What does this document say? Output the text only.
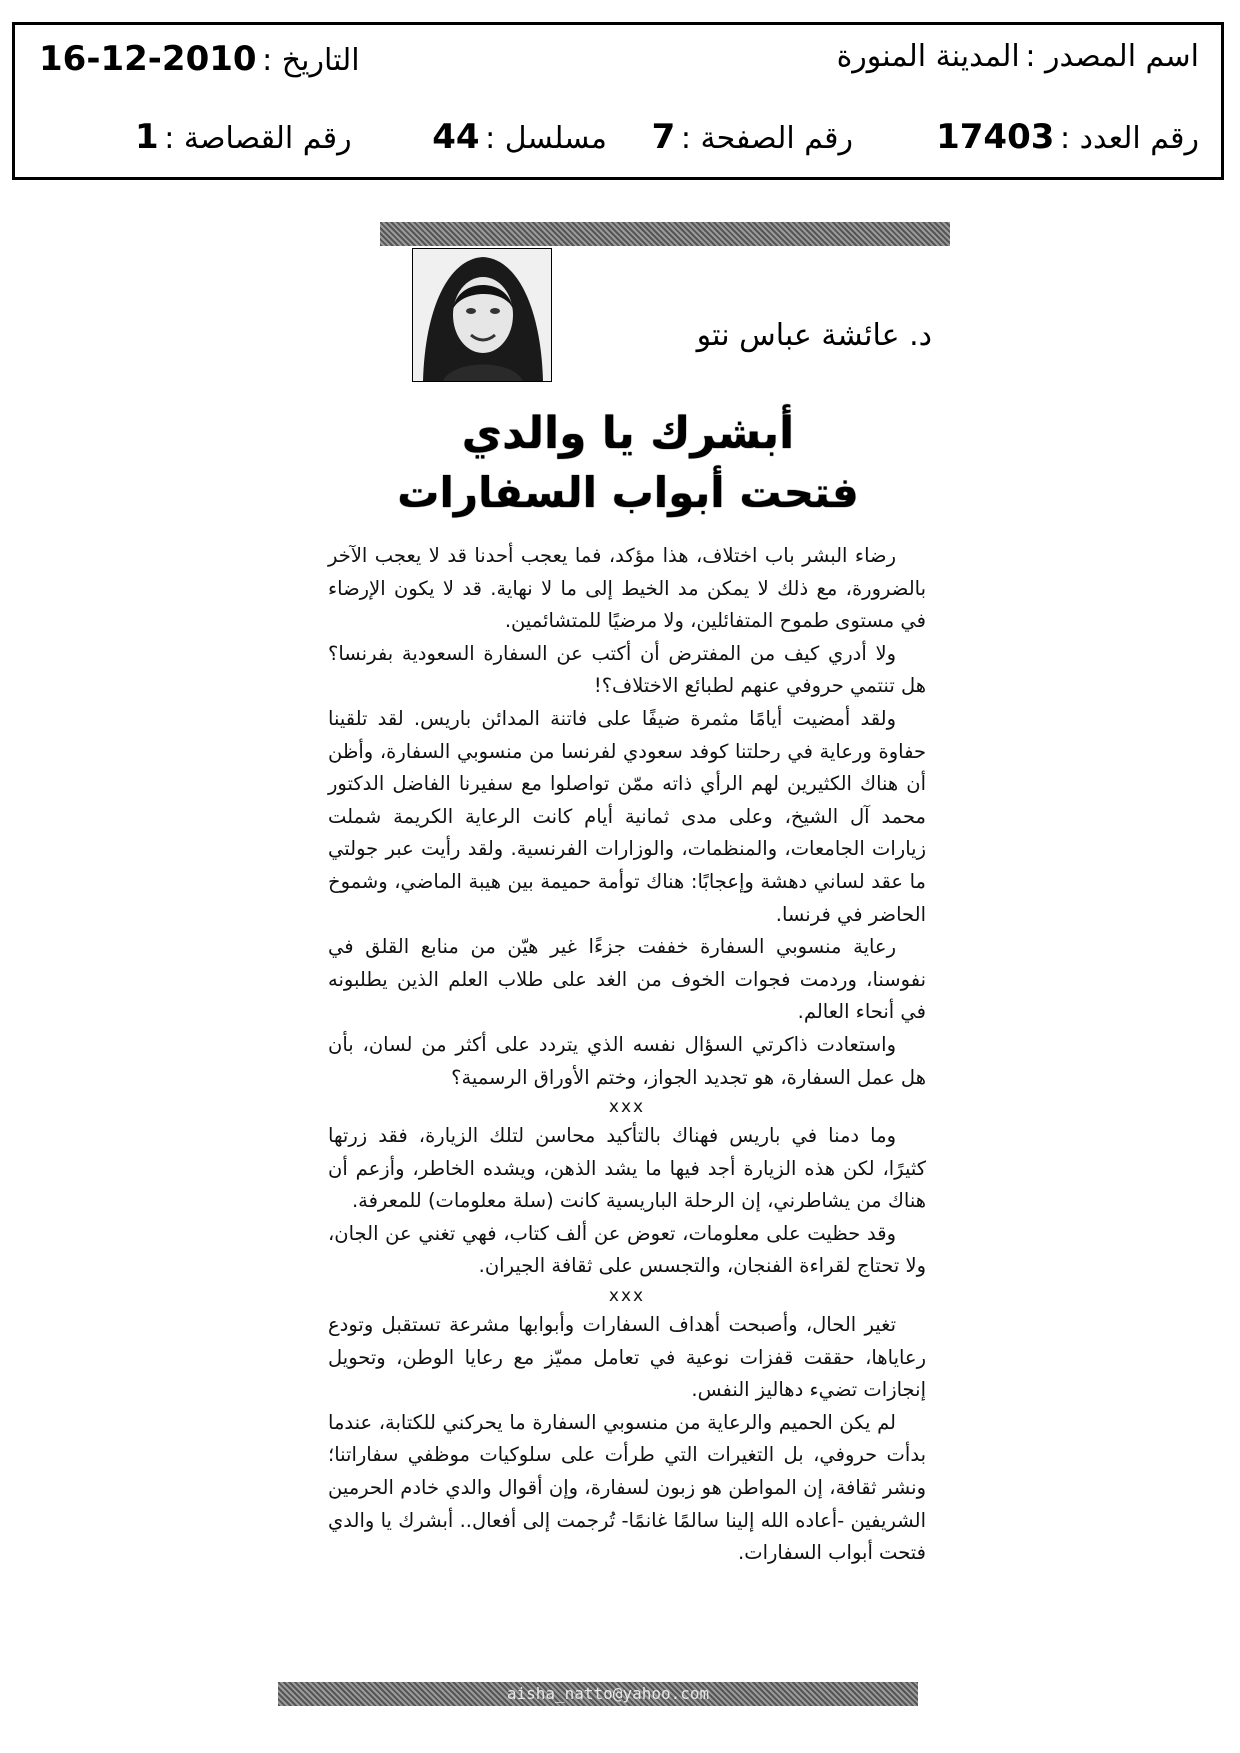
اسم المصدر : المدينة المنورة
التاريخ : 2010-12-16
رقم العدد : 17403
رقم الصفحة : 7
مسلسل : 44
رقم القصاصة : 1
د. عائشة عباس نتو
أبشرك يا والدي
فتحت أبواب السفارات

رضاء البشر باب اختلاف، هذا مؤكد، فما يعجب أحدنا قد لا يعجب الآخر بالضرورة، مع ذلك لا يمكن مد الخيط إلى ما لا نهاية. قد لا يكون الإرضاء في مستوى طموح المتفائلين، ولا مرضيًا للمتشائمين.

ولا أدري كيف من المفترض أن أكتب عن السفارة السعودية بفرنسا؟ هل تنتمي حروفي عنهم لطبائع الاختلاف؟!

ولقد أمضيت أيامًا مثمرة ضيفًا على فاتنة المدائن باريس. لقد تلقينا حفاوة ورعاية في رحلتنا كوفد سعودي لفرنسا من منسوبي السفارة، وأظن أن هناك الكثيرين لهم الرأي ذاته ممّن تواصلوا مع سفيرنا الفاضل الدكتور محمد آل الشيخ، وعلى مدى ثمانية أيام كانت الرعاية الكريمة شملت زيارات الجامعات، والمنظمات، والوزارات الفرنسية. ولقد رأيت عبر جولتي ما عقد لساني دهشة وإعجابًا: هناك توأمة حميمة بين هيبة الماضي، وشموخ الحاضر في فرنسا.

رعاية منسوبي السفارة خففت جزءًا غير هيّن من منابع القلق في نفوسنا، وردمت فجوات الخوف من الغد على طلاب العلم الذين يطلبونه في أنحاء العالم.

واستعادت ذاكرتي السؤال نفسه الذي يتردد على أكثر من لسان، بأن هل عمل السفارة، هو تجديد الجواز، وختم الأوراق الرسمية؟

xxx

وما دمنا في باريس فهناك بالتأكيد محاسن لتلك الزيارة، فقد زرتها كثيرًا، لكن هذه الزيارة أجد فيها ما يشد الذهن، ويشده الخاطر، وأزعم أن هناك من يشاطرني، إن الرحلة الباريسية كانت (سلة معلومات) للمعرفة.

وقد حظيت على معلومات، تعوض عن ألف كتاب، فهي تغني عن الجان، ولا تحتاج لقراءة الفنجان، والتجسس على ثقافة الجيران.

xxx

تغير الحال، وأصبحت أهداف السفارات وأبوابها مشرعة تستقبل وتودع رعاياها، حققت قفزات نوعية في تعامل مميّز مع رعايا الوطن، وتحويل إنجازات تضيء دهاليز النفس.

لم يكن الحميم والرعاية من منسوبي السفارة ما يحركني للكتابة، عندما بدأت حروفي، بل التغيرات التي طرأت على سلوكيات موظفي سفاراتنا؛ ونشر ثقافة، إن المواطن هو زبون لسفارة، وإن أقوال والدي خادم الحرمين الشريفين -أعاده الله إلينا سالمًا غانمًا- تُرجمت إلى أفعال.. أبشرك يا والدي فتحت أبواب السفارات.

aisha_natto@yahoo.com
